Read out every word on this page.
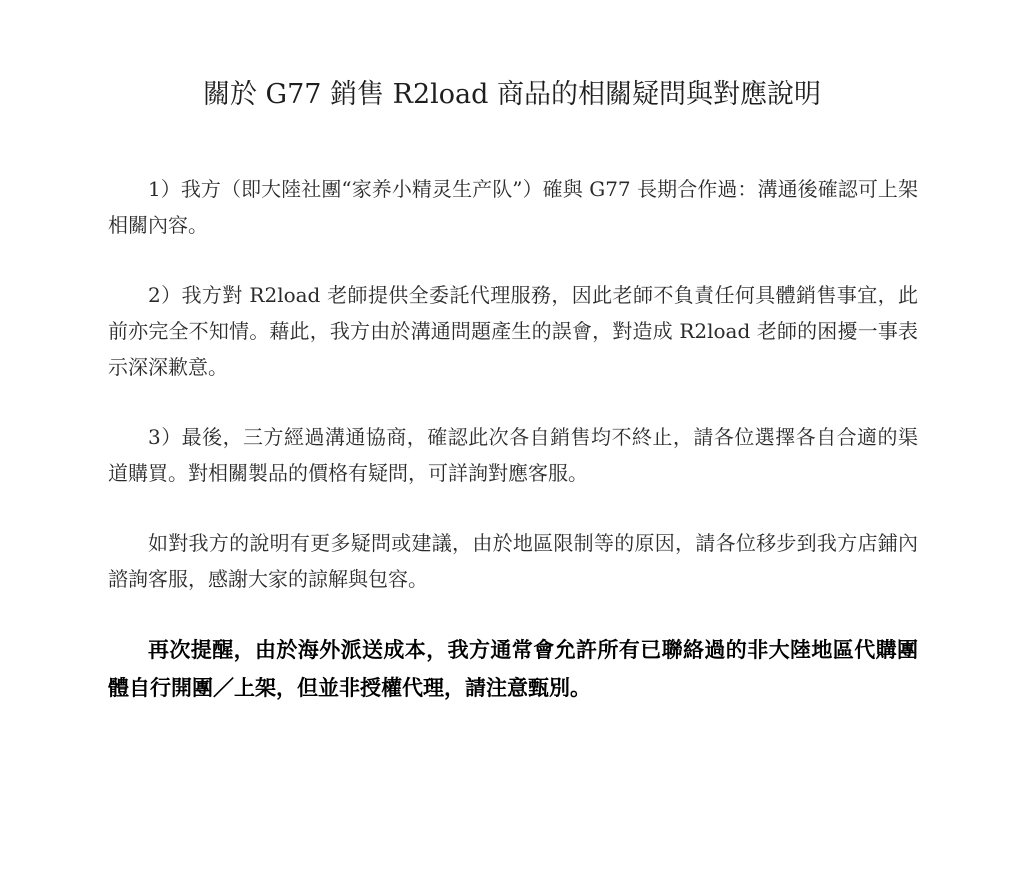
關於 G77 銷售 R2load 商品的相關疑問與對應說明

1）我方（即大陸社團“家养小精灵生产队”）確與 G77 長期合作過：溝通後確認可上架相關內容。

2）我方對 R2load 老師提供全委託代理服務，因此老師不負責任何具體銷售事宜，此前亦完全不知情。藉此，我方由於溝通問題產生的誤會，對造成 R2load 老師的困擾一事表示深深歉意。

3）最後，三方經過溝通協商，確認此次各自銷售均不終止，請各位選擇各自合適的渠道購買。對相關製品的價格有疑問，可詳詢對應客服。

如對我方的說明有更多疑問或建議，由於地區限制等的原因，請各位移步到我方店鋪內諮詢客服，感謝大家的諒解與包容。

再次提醒，由於海外派送成本，我方通常會允許所有已聯絡過的非大陸地區代購團體自行開團／上架，但並非授權代理，請注意甄別。
